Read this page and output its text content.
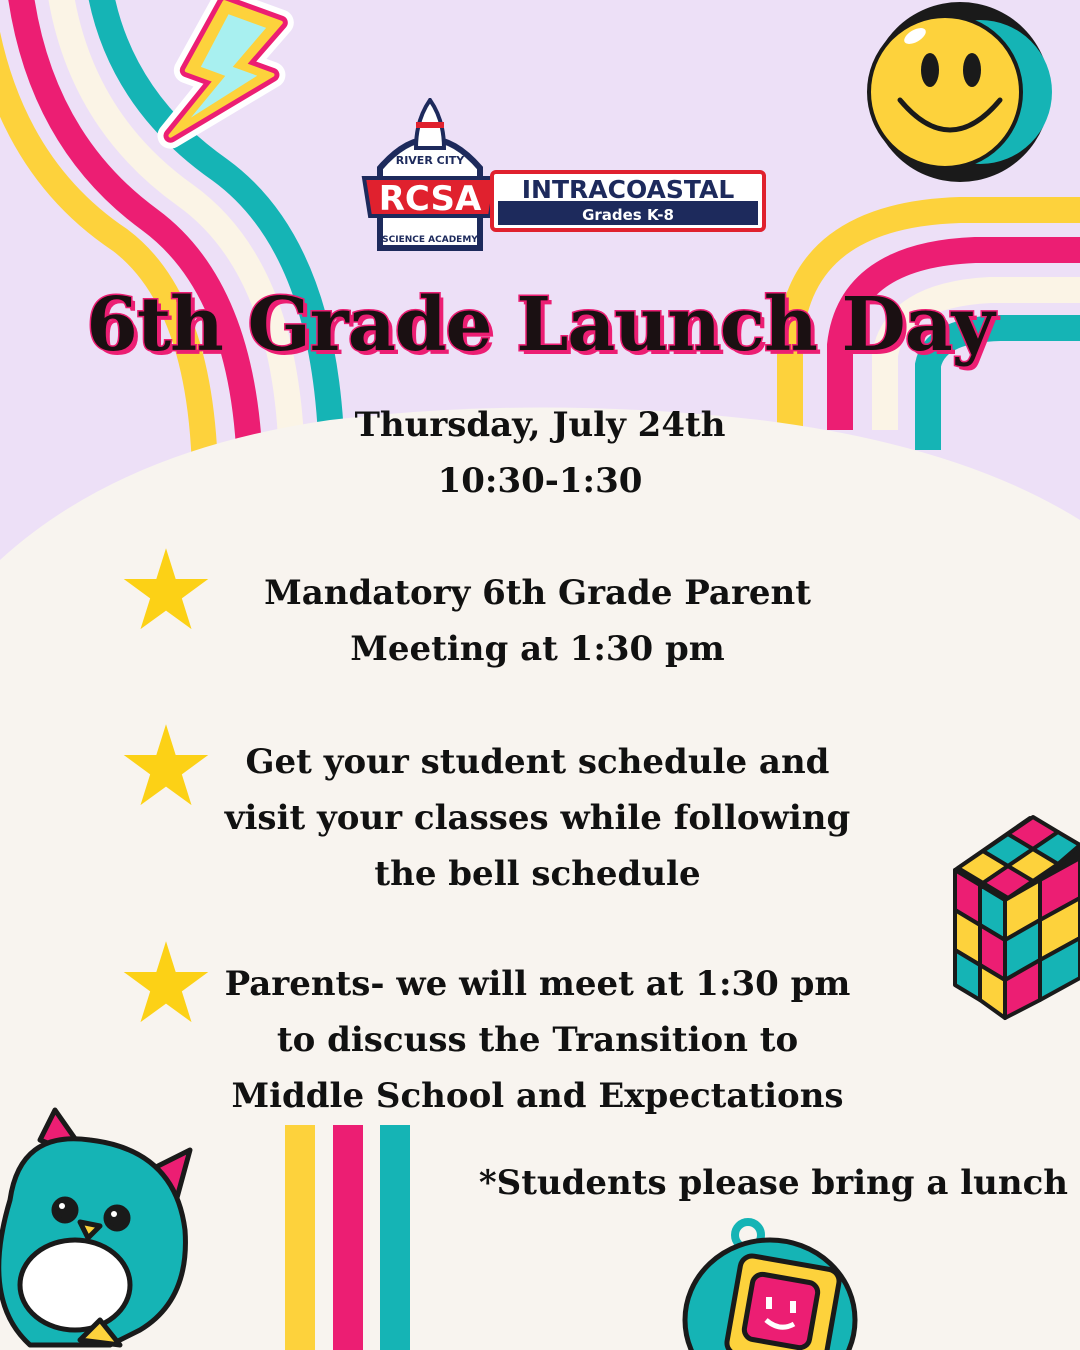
RIVER CITY
RCSA
SCIENCE ACADEMY
INTRACOASTAL
Grades K-8
6th Grade Launch Day
Thursday, July 24th
10:30-1:30
Mandatory 6th Grade Parent
Meeting at 1:30 pm
Get your student schedule and
visit your classes while following
the bell schedule
Parents- we will meet at 1:30 pm
to discuss the Transition to
Middle School and Expectations
*Students please bring a lunch
